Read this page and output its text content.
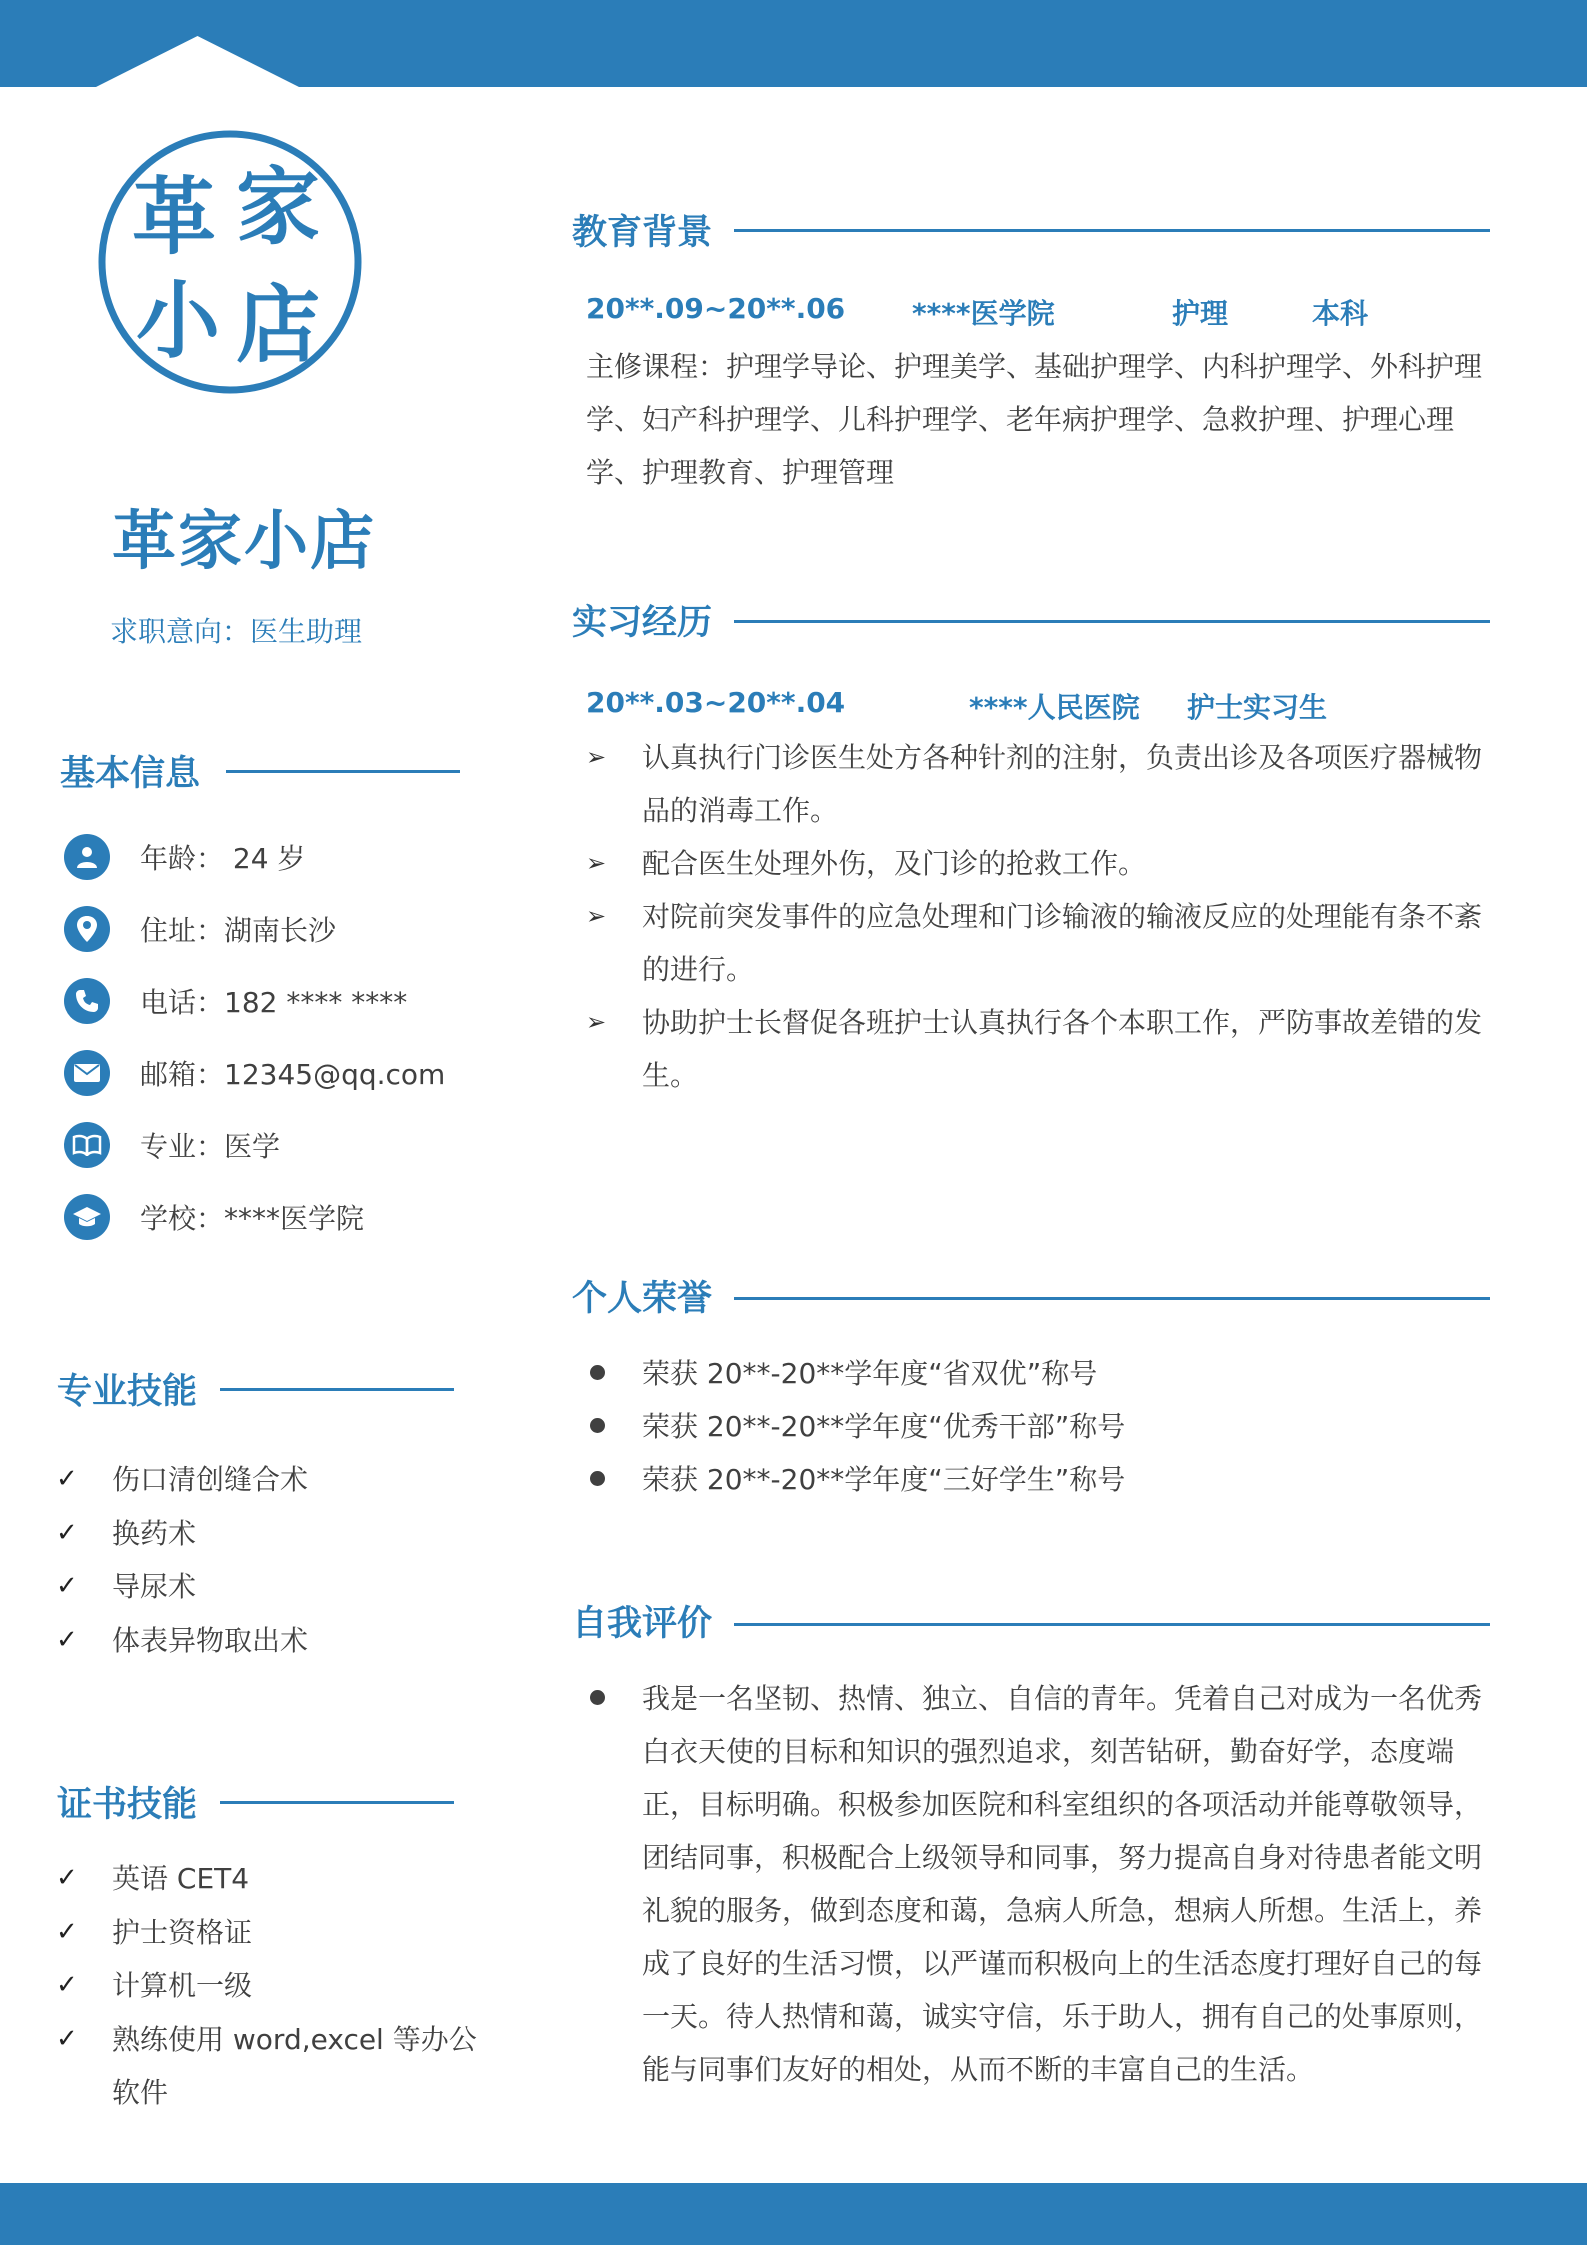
革 家
小 店
革家小店
求职意向：医生助理
基本信息
年龄： 24 岁
住址：湖南长沙
电话：182 **** ****
邮箱：12345@qq.com
专业：医学
学校：****医学院
专业技能
✓	伤口清创缝合术
✓	换药术
✓	导尿术
✓	体表异物取出术
证书技能
✓	英语 CET4
✓	护士资格证
✓	计算机一级
✓	熟练使用 word,excel 等办公软件
教育背景
20**.09~20**.06 ****医学院	护理	本科

主修课程：护理学导论、护理美学、基础护理学、内科护理学、外科护理学、妇产科护理学、儿科护理学、老年病护理学、急救护理、护理心理学、护理教育、护理管理

实习经历
20**.03~20**.04	****人民医院 护士实习生
➢	认真执行门诊医生处方各种针剂的注射，负责出诊及各项医疗器械物品的消毒工作。
➢	配合医生处理外伤，及门诊的抢救工作。
➢	对院前突发事件的应急处理和门诊输液的输液反应的处理能有条不紊的进行。
➢	协助护士长督促各班护士认真执行各个本职工作，严防事故差错的发生。
个人荣誉
荣获 20**-20**学年度“省双优”称号
荣获 20**-20**学年度“优秀干部”称号
荣获 20**-20**学年度“三好学生”称号
自我评价
我是一名坚韧、热情、独立、自信的青年。凭着自己对成为一名优秀白衣天使的目标和知识的强烈追求，刻苦钻研，勤奋好学，态度端正，目标明确。积极参加医院和科室组织的各项活动并能尊敬领导，团结同事，积极配合上级领导和同事，努力提高自身对待患者能文明礼貌的服务，做到态度和蔼，急病人所急，想病人所想。生活上，养成了良好的生活习惯，以严谨而积极向上的生活态度打理好自己的每一天。待人热情和蔼，诚实守信，乐于助人，拥有自己的处事原则，能与同事们友好的相处，从而不断的丰富自己的生活。
